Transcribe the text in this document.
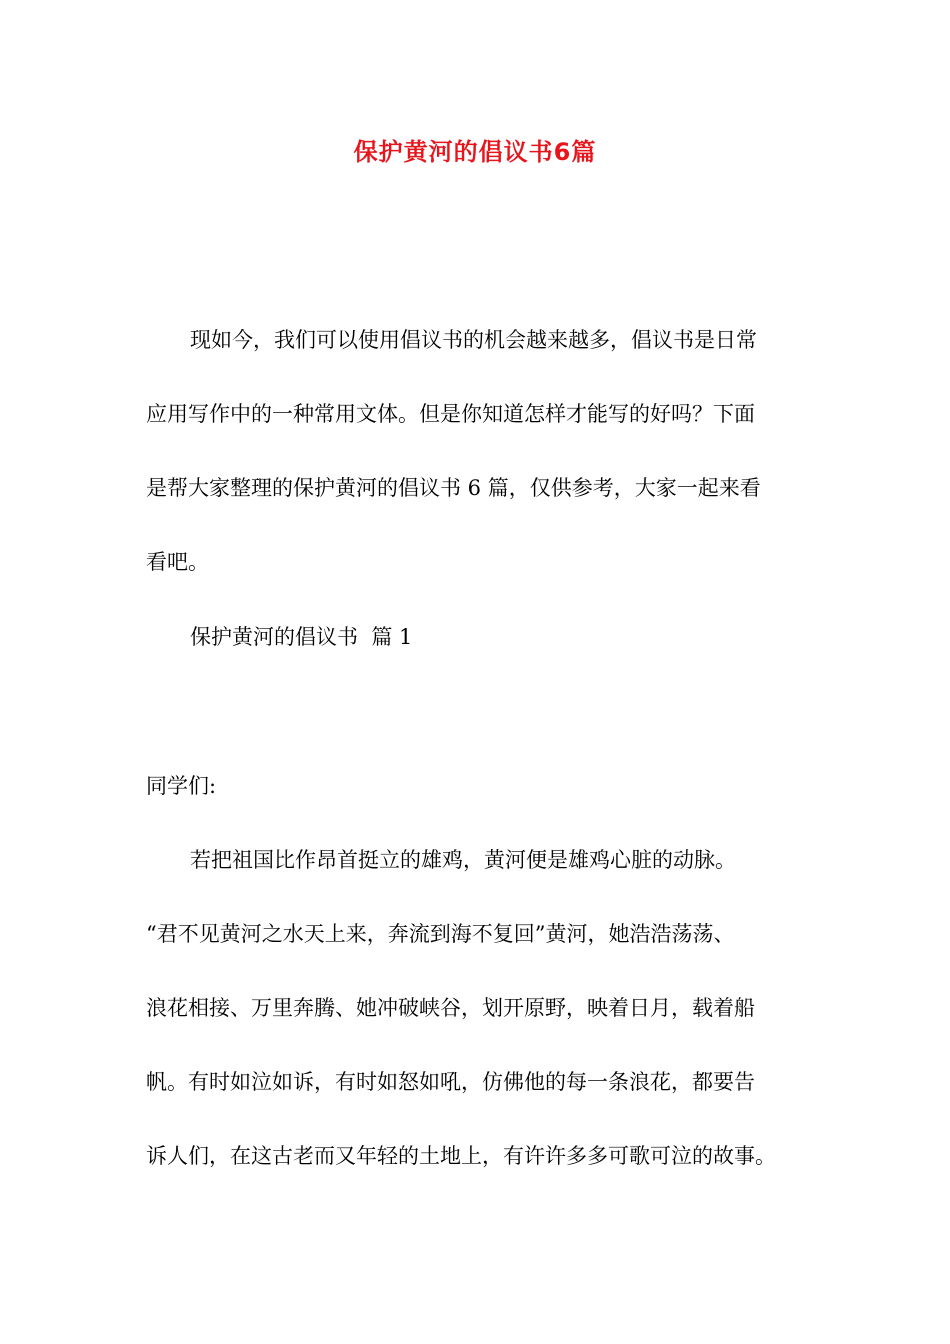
保护黄河的倡议书6篇
现如今，我们可以使用倡议书的机会越来越多，倡议书是日常
应用写作中的一种常用文体。但是你知道怎样才能写的好吗？下面
是帮大家整理的保护黄河的倡议书 6 篇，仅供参考，大家一起来看
看吧。
保护黄河的倡议书  篇 1
同学们:
若把祖国比作昂首挺立的雄鸡，黄河便是雄鸡心脏的动脉。
“君不见黄河之水天上来，奔流到海不复回”黄河，她浩浩荡荡、
浪花相接、万里奔腾、她冲破峡谷，划开原野，映着日月，载着船
帆。有时如泣如诉，有时如怒如吼，仿佛他的每一条浪花，都要告
诉人们，在这古老而又年轻的土地上，有许许多多可歌可泣的故事。
